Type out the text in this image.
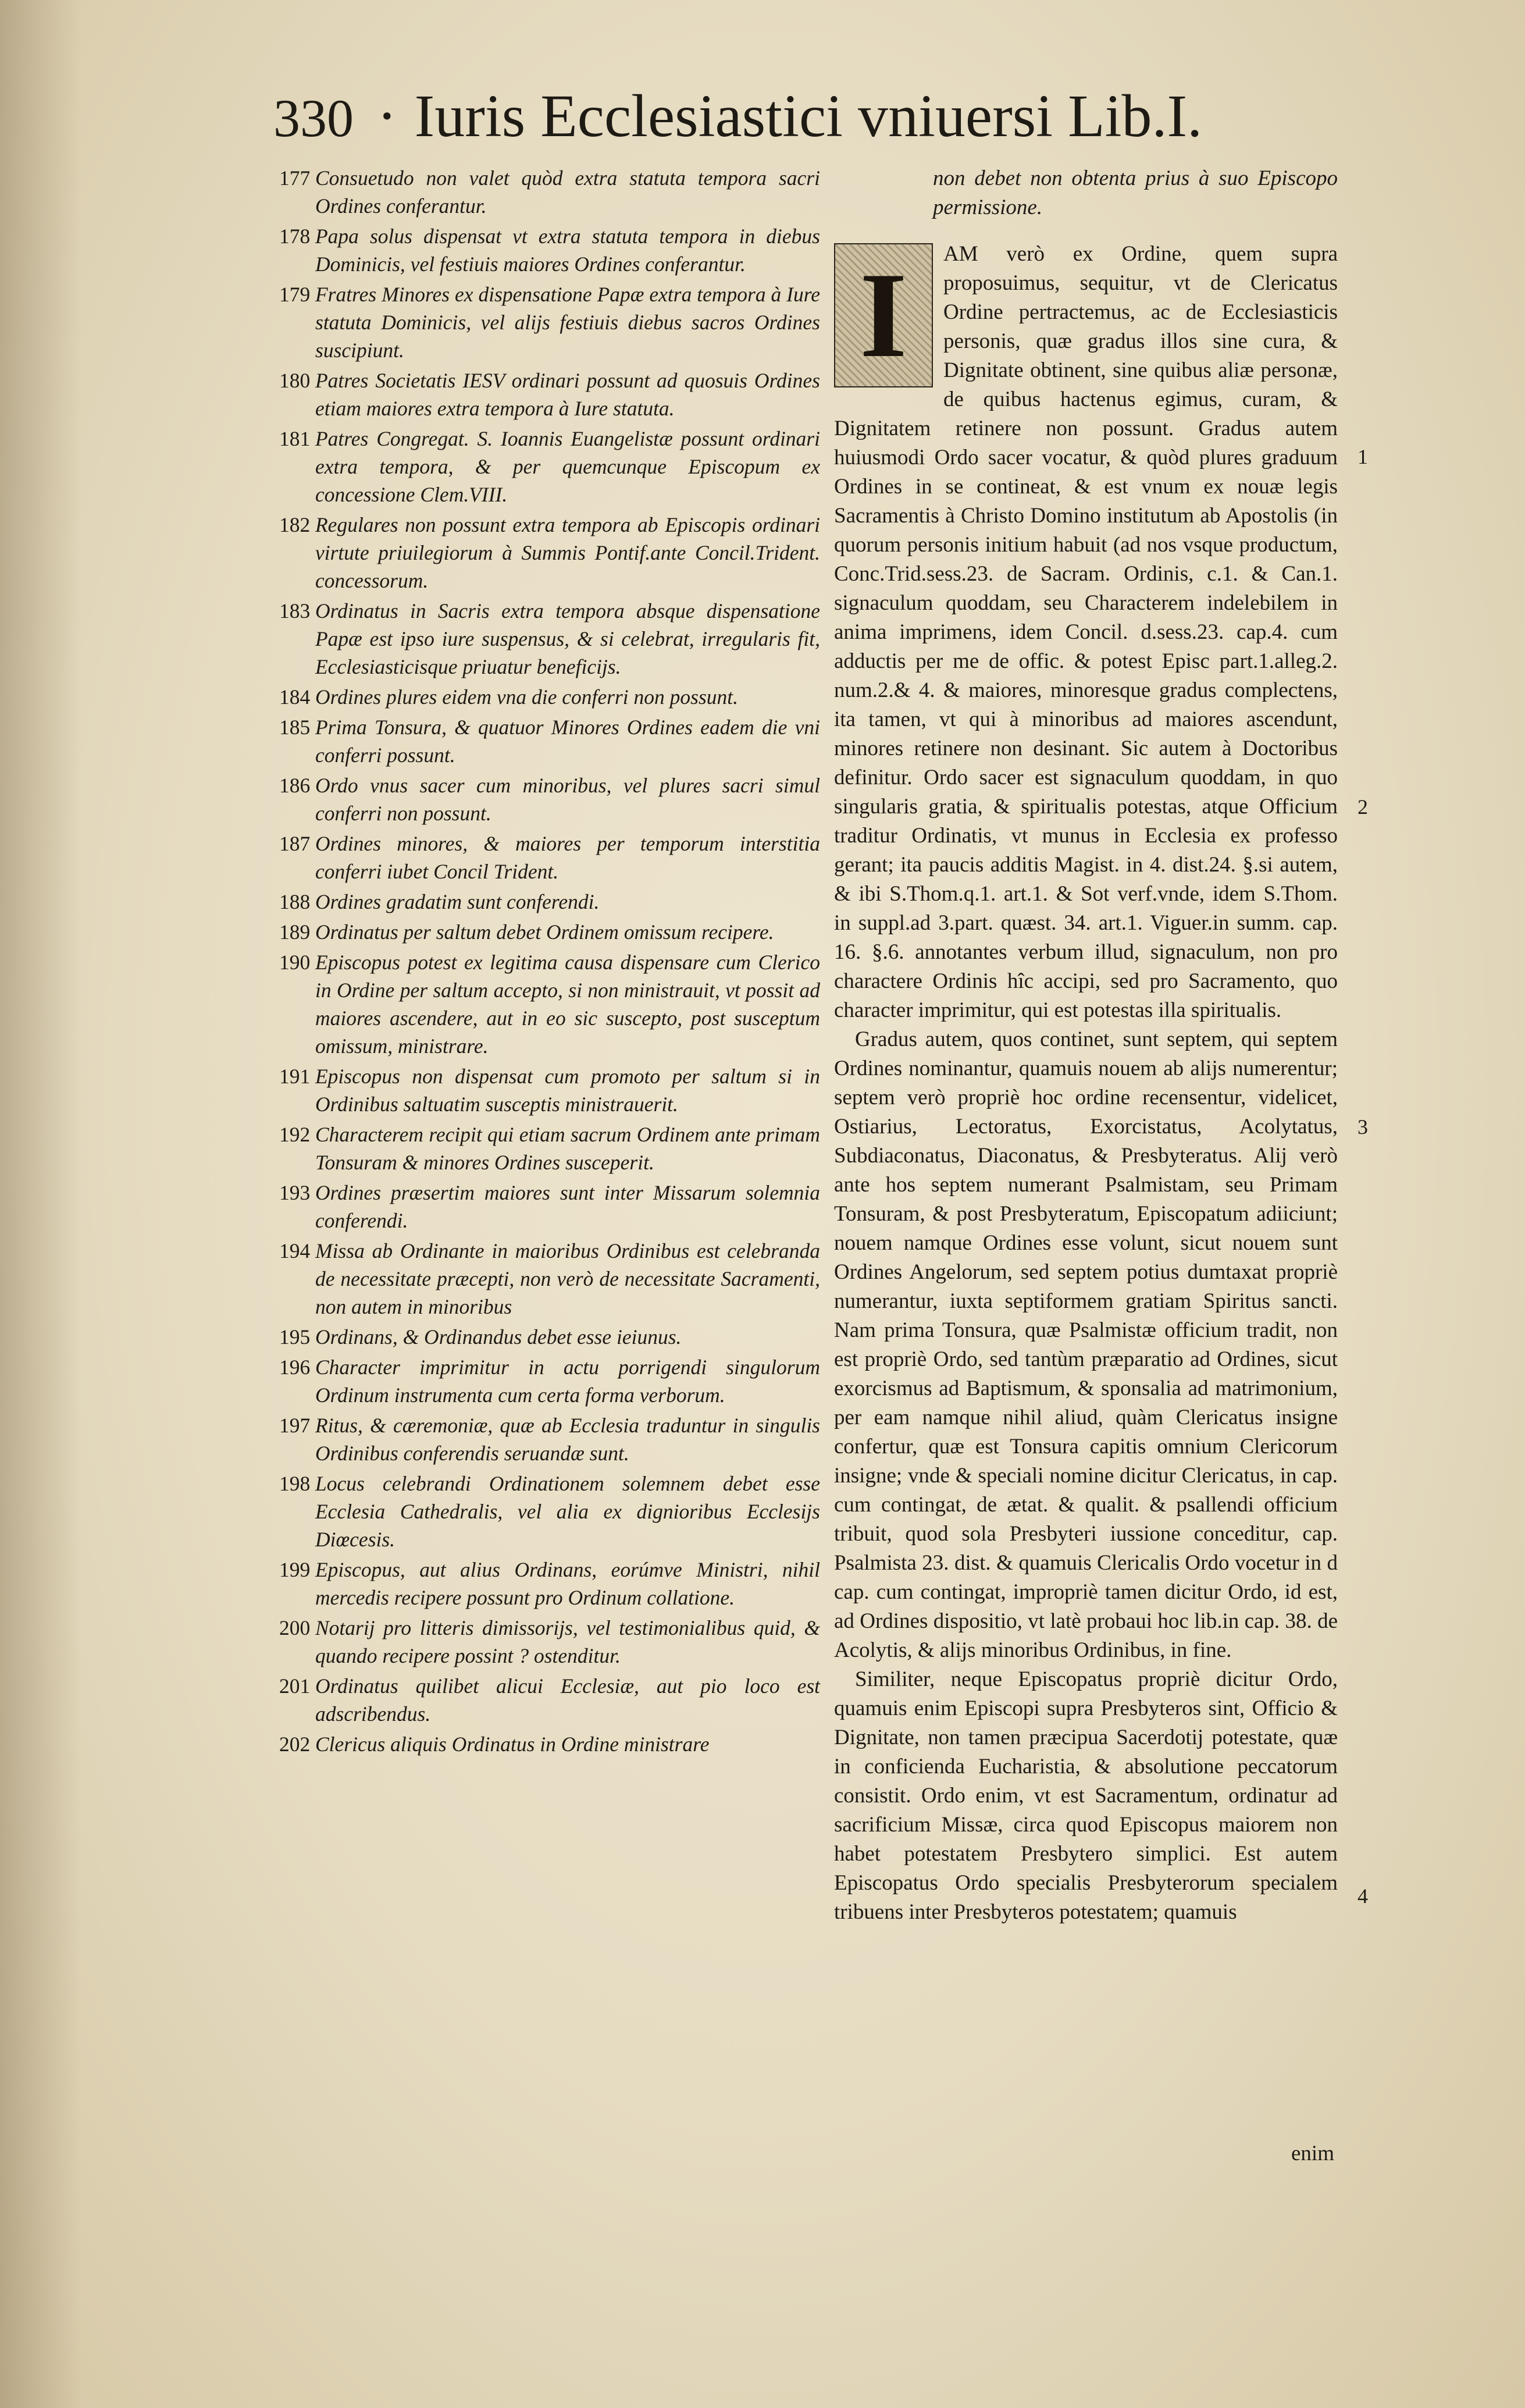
330 · Iuris Ecclesiastici vniuersi Lib.I.
177 Consuetudo non valet quòd extra statuta tempora sacri Ordines conferantur.
178 Papa solus dispensat vt extra statuta tempora in diebus Dominicis, vel festiuis maiores Ordines conferantur.
179 Fratres Minores ex dispensatione Papæ extra tempora à Iure statuta Dominicis, vel alijs festiuis diebus sacros Ordines suscipiunt.
180 Patres Societatis IESV ordinari possunt ad quosuis Ordines etiam maiores extra tempora à Iure statuta.
181 Patres Congregat. S. Ioannis Euangelistæ possunt ordinari extra tempora, & per quemcunque Episcopum ex concessione Clem.VIII.
182 Regulares non possunt extra tempora ab Episcopis ordinari virtute priuilegiorum à Summis Pontif.ante Concil.Trident. concessorum.
183 Ordinatus in Sacris extra tempora absque dispensatione Papæ est ipso iure suspensus, & si celebrat, irregularis fit, Ecclesiasticisque priuatur beneficijs.
184 Ordines plures eidem vna die conferri non possunt.
185 Prima Tonsura, & quatuor Minores Ordines eadem die vni conferri possunt.
186 Ordo vnus sacer cum minoribus, vel plures sacri simul conferri non possunt.
187 Ordines minores, & maiores per temporum interstitia conferri iubet Concil Trident.
188 Ordines gradatim sunt conferendi.
189 Ordinatus per saltum debet Ordinem omissum recipere.
190 Episcopus potest ex legitima causa dispensare cum Clerico in Ordine per saltum accepto, si non ministrauit, vt possit ad maiores ascendere, aut in eo sic suscepto, post susceptum omissum, ministrare.
191 Episcopus non dispensat cum promoto per saltum si in Ordinibus saltuatim susceptis ministrauerit.
192 Characterem recipit qui etiam sacrum Ordinem ante primam Tonsuram & minores Ordines susceperit.
193 Ordines præsertim maiores sunt inter Missarum solemnia conferendi.
194 Missa ab Ordinante in maioribus Ordinibus est celebranda de necessitate præcepti, non verò de necessitate Sacramenti, non autem in minoribus
195 Ordinans, & Ordinandus debet esse ieiunus.
196 Character imprimitur in actu porrigendi singulorum Ordinum instrumenta cum certa forma verborum.
197 Ritus, & cæremoniæ, quæ ab Ecclesia traduntur in singulis Ordinibus conferendis seruandæ sunt.
198 Locus celebrandi Ordinationem solemnem debet esse Ecclesia Cathedralis, vel alia ex dignioribus Ecclesijs Diœcesis.
199 Episcopus, aut alius Ordinans, eorúmve Ministri, nihil mercedis recipere possunt pro Ordinum collatione.
200 Notarij pro litteris dimissorijs, vel testimonialibus quid, & quando recipere possint ? ostenditur.
201 Ordinatus quilibet alicui Ecclesiæ, aut pio loco est adscribendus.
202 Clericus aliquis Ordinatus in Ordine ministrare

non debet non obtenta prius à suo Episcopo permissione.

I	AM verò ex Ordine, quem supra proposuimus, sequitur, vt de Clericatus Ordine pertractemus, ac de Ecclesiasticis personis, quæ gradus illos sine cura, & Dignitate obtinent, sine quibus aliæ personæ, de quibus hactenus egimus, curam, & Dignitatem retinere non possunt. Gradus autem huiusmodi Ordo sacer vocatur, & quòd plures graduum Ordines in se contineat, & est vnum ex nouæ legis Sacramentis à Christo Domino institutum ab Apostolis (in quorum personis initium habuit (ad nos vsque productum, Conc.Trid.sess.23. de Sacram. Ordinis, c.1. & Can.1. signaculum quoddam, seu Characterem indelebilem in anima imprimens, idem Concil. d.sess.23. cap.4. cum adductis per me de offic. & potest Episc part.1.alleg.2. num.2.& 4. & maiores, minoresque gradus complectens, ita tamen, vt qui à minoribus ad maiores ascendunt, minores retinere non desinant. Sic autem à Doctoribus definitur. Ordo sacer est signaculum quoddam, in quo singularis gratia, & spiritualis potestas, atque Officium traditur Ordinatis, vt munus in Ecclesia ex professo gerant; ita paucis additis Magist. in 4. dist.24. §.si autem, & ibi S.Thom.q.1. art.1. & Sot verf.vnde, idem S.Thom. in suppl.ad 3.part. quæst. 34. art.1. Viguer.in summ. cap. 16. §.6. annotantes verbum illud, signaculum, non pro charactere Ordinis hîc accipi, sed pro Sacramento, quo character imprimitur, qui est potestas illa spiritualis.

Gradus autem, quos continet, sunt septem, qui septem Ordines nominantur, quamuis nouem ab alijs numerentur; septem verò propriè hoc ordine recensentur, videlicet, Ostiarius, Lectoratus, Exorcistatus, Acolytatus, Subdiaconatus, Diaconatus, & Presbyteratus. Alij verò ante hos septem numerant Psalmistam, seu Primam Tonsuram, & post Presbyteratum, Episcopatum adiiciunt; nouem namque Ordines esse volunt, sicut nouem sunt Ordines Angelorum, sed septem potius dumtaxat propriè numerantur, iuxta septiformem gratiam Spiritus sancti. Nam prima Tonsura, quæ Psalmistæ officium tradit, non est propriè Ordo, sed tantùm præparatio ad Ordines, sicut exorcismus ad Baptismum, & sponsalia ad matrimonium, per eam namque nihil aliud, quàm Clericatus insigne confertur, quæ est Tonsura capitis omnium Clericorum insigne; vnde & speciali nomine dicitur Clericatus, in cap. cum contingat, de ætat. & qualit. & psallendi officium tribuit, quod sola Presbyteri iussione conceditur, cap. Psalmista 23. dist. & quamuis Clericalis Ordo vocetur in d cap. cum contingat, impropriè tamen dicitur Ordo, id est, ad Ordines dispositio, vt latè probaui hoc lib.in cap. 38. de Acolytis, & alijs minoribus Ordinibus, in fine.

Similiter, neque Episcopatus propriè dicitur Ordo, quamuis enim Episcopi supra Presbyteros sint, Officio & Dignitate, non tamen præcipua Sacerdotij potestate, quæ in conficienda Eucharistia, & absolutione peccatorum consistit. Ordo enim, vt est Sacramentum, ordinatur ad sacrificium Missæ, circa quod Episcopus maiorem non habet potestatem Presbytero simplici. Est autem Episcopatus Ordo specialis Presbyterorum specialem tribuens inter Presbyteros potestatem; quamuis

1
2
3
4
enim
